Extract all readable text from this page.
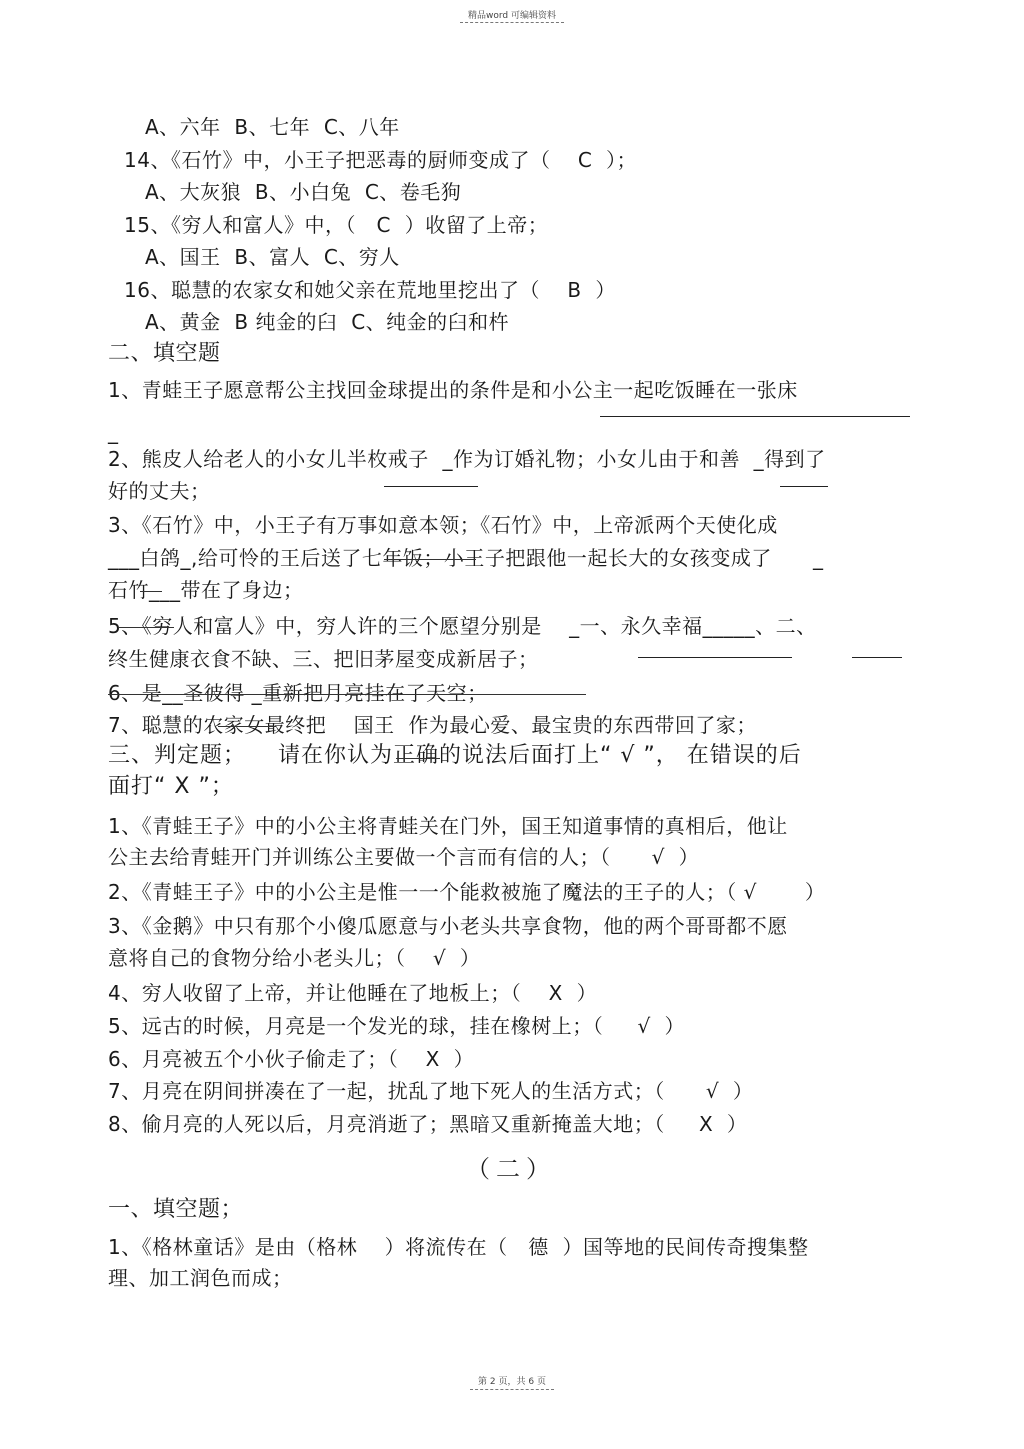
精品word 可编辑资料
A、六年  B、七年  C、八年
14、《石竹》中，小王子把恶毒的厨师变成了（    C  ）；
A、大灰狼  B、小白兔  C、卷毛狗
15、《穷人和富人》中，（   C  ）收留了上帝；
A、国王  B、富人  C、穷人
16、聪慧的农家女和她父亲在荒地里挖出了（    B  ）
A、黄金  B 纯金的臼  C、纯金的臼和杵
二、填空题
1、青蛙王子愿意帮公主找回金球提出的条件是和小公主一起吃饭睡在一张床
_
2、熊皮人给老人的小女儿半枚戒子  _作为订婚礼物；小女儿由于和善  _得到了
好的丈夫；
3、《石竹》中，小王子有万事如意本领；《石竹》中，上帝派两个天使化成
___白鸽_,给可怜的王后送了七年饭；小王子把跟他一起长大的女孩变成了      _
石竹___带在了身边；
5、《穷人和富人》中，穷人许的三个愿望分别是    _一、永久幸福_____、二、
终生健康衣食不缺、三、把旧茅屋变成新居子；
6、是__圣彼得 _重新把月亮挂在了天空；
7、聪慧的农家女最终把    国王  作为最心爱、最宝贵的东西带回了家；
三、判定题；    请在你认为正确的说法后面打上“ √ ”， 在错误的后
面打“ X ”；
1、《青蛙王子》中的小公主将青蛙关在门外，国王知道事情的真相后，他让
公主去给青蛙开门并训练公主要做一个言而有信的人；（      √  ）
2、《青蛙王子》中的小公主是惟一一个能救被施了魔法的王子的人；（ √       ）
3、《金鹅》中只有那个小傻瓜愿意与小老头共享食物，他的两个哥哥都不愿
意将自己的食物分给小老头儿；（    √  ）
4、穷人收留了上帝，并让他睡在了地板上；（    X  ）
5、远古的时候，月亮是一个发光的球，挂在橡树上；（     √  ）
6、月亮被五个小伙子偷走了；（    X  ）
7、月亮在阴间拼凑在了一起，扰乱了地下死人的生活方式；（      √  ）
8、偷月亮的人死以后，月亮消逝了；黑暗又重新掩盖大地；（     X  ）
（二）
一、填空题；
1、《格林童话》是由（格林    ）将流传在（   德  ）国等地的民间传奇搜集整
理、加工润色而成；
第 2 页，共 6 页
